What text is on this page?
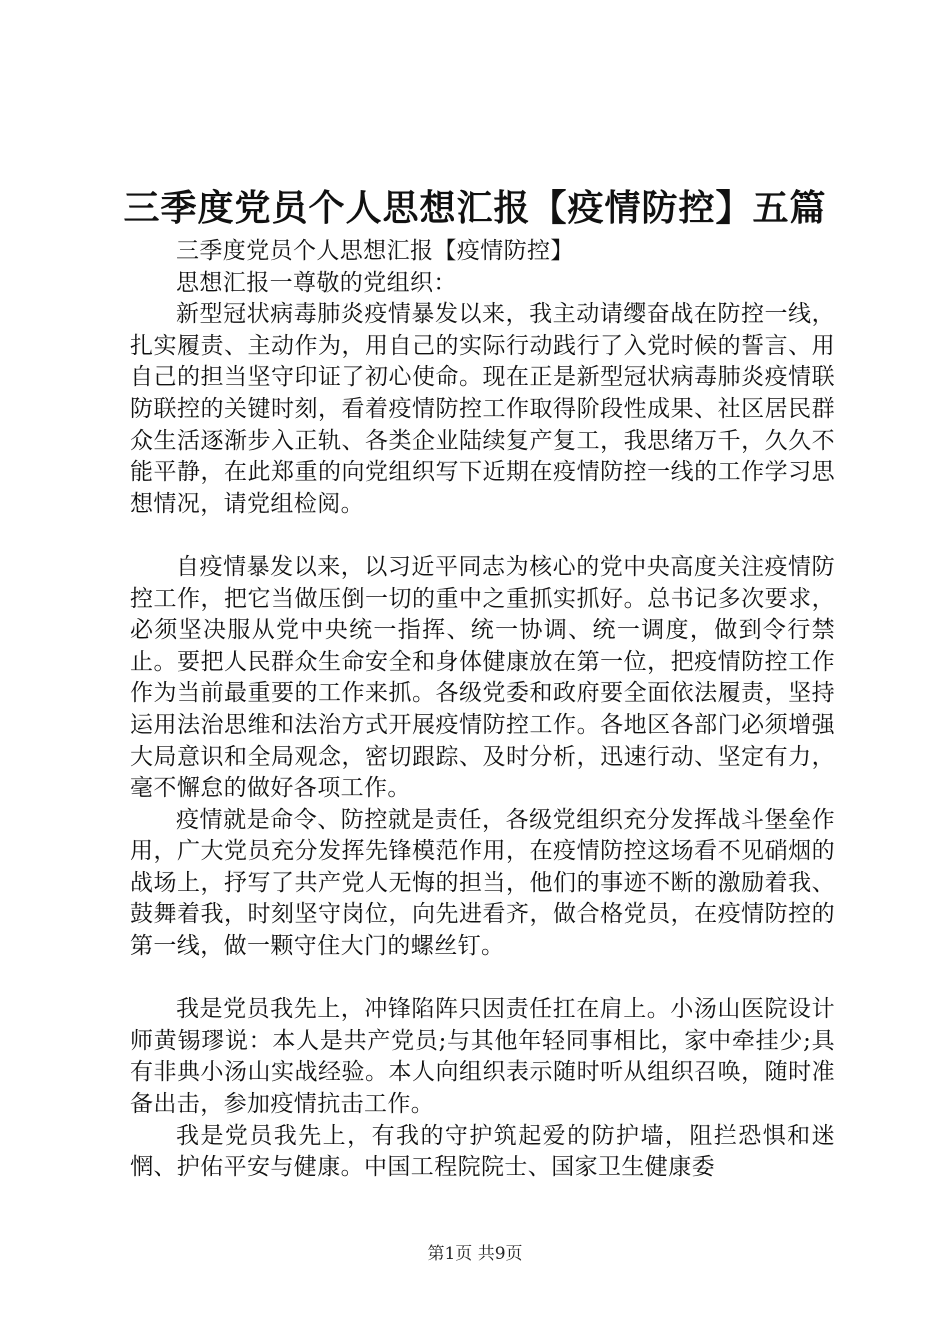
三季度党员个人思想汇报【疫情防控】五篇

三季度党员个人思想汇报【疫情防控】

思想汇报一尊敬的党组织：

新型冠状病毒肺炎疫情暴发以来，我主动请缨奋战在防控一线，扎实履责、主动作为，用自己的实际行动践行了入党时候的誓言、用自己的担当坚守印证了初心使命。现在正是新型冠状病毒肺炎疫情联防联控的关键时刻，看着疫情防控工作取得阶段性成果、社区居民群众生活逐渐步入正轨、各类企业陆续复产复工，我思绪万千，久久不能平静，在此郑重的向党组织写下近期在疫情防控一线的工作学习思想情况，请党组检阅。

自疫情暴发以来，以习近平同志为核心的党中央高度关注疫情防控工作，把它当做压倒一切的重中之重抓实抓好。总书记多次要求，必须坚决服从党中央统一指挥、统一协调、统一调度，做到令行禁止。要把人民群众生命安全和身体健康放在第一位，把疫情防控工作作为当前最重要的工作来抓。各级党委和政府要全面依法履责，坚持运用法治思维和法治方式开展疫情防控工作。各地区各部门必须增强大局意识和全局观念，密切跟踪、及时分析，迅速行动、坚定有力，毫不懈怠的做好各项工作。

疫情就是命令、防控就是责任，各级党组织充分发挥战斗堡垒作用，广大党员充分发挥先锋模范作用，在疫情防控这场看不见硝烟的战场上，抒写了共产党人无悔的担当，他们的事迹不断的激励着我、鼓舞着我，时刻坚守岗位，向先进看齐，做合格党员，在疫情防控的第一线，做一颗守住大门的螺丝钉。

我是党员我先上，冲锋陷阵只因责任扛在肩上。小汤山医院设计师黄锡璆说：本人是共产党员;与其他年轻同事相比，家中牵挂少;具有非典小汤山实战经验。本人向组织表示随时听从组织召唤，随时准备出击，参加疫情抗击工作。

我是党员我先上，有我的守护筑起爱的防护墙，阻拦恐惧和迷惘、护佑平安与健康。中国工程院院士、国家卫生健康委

第1页 共9页
